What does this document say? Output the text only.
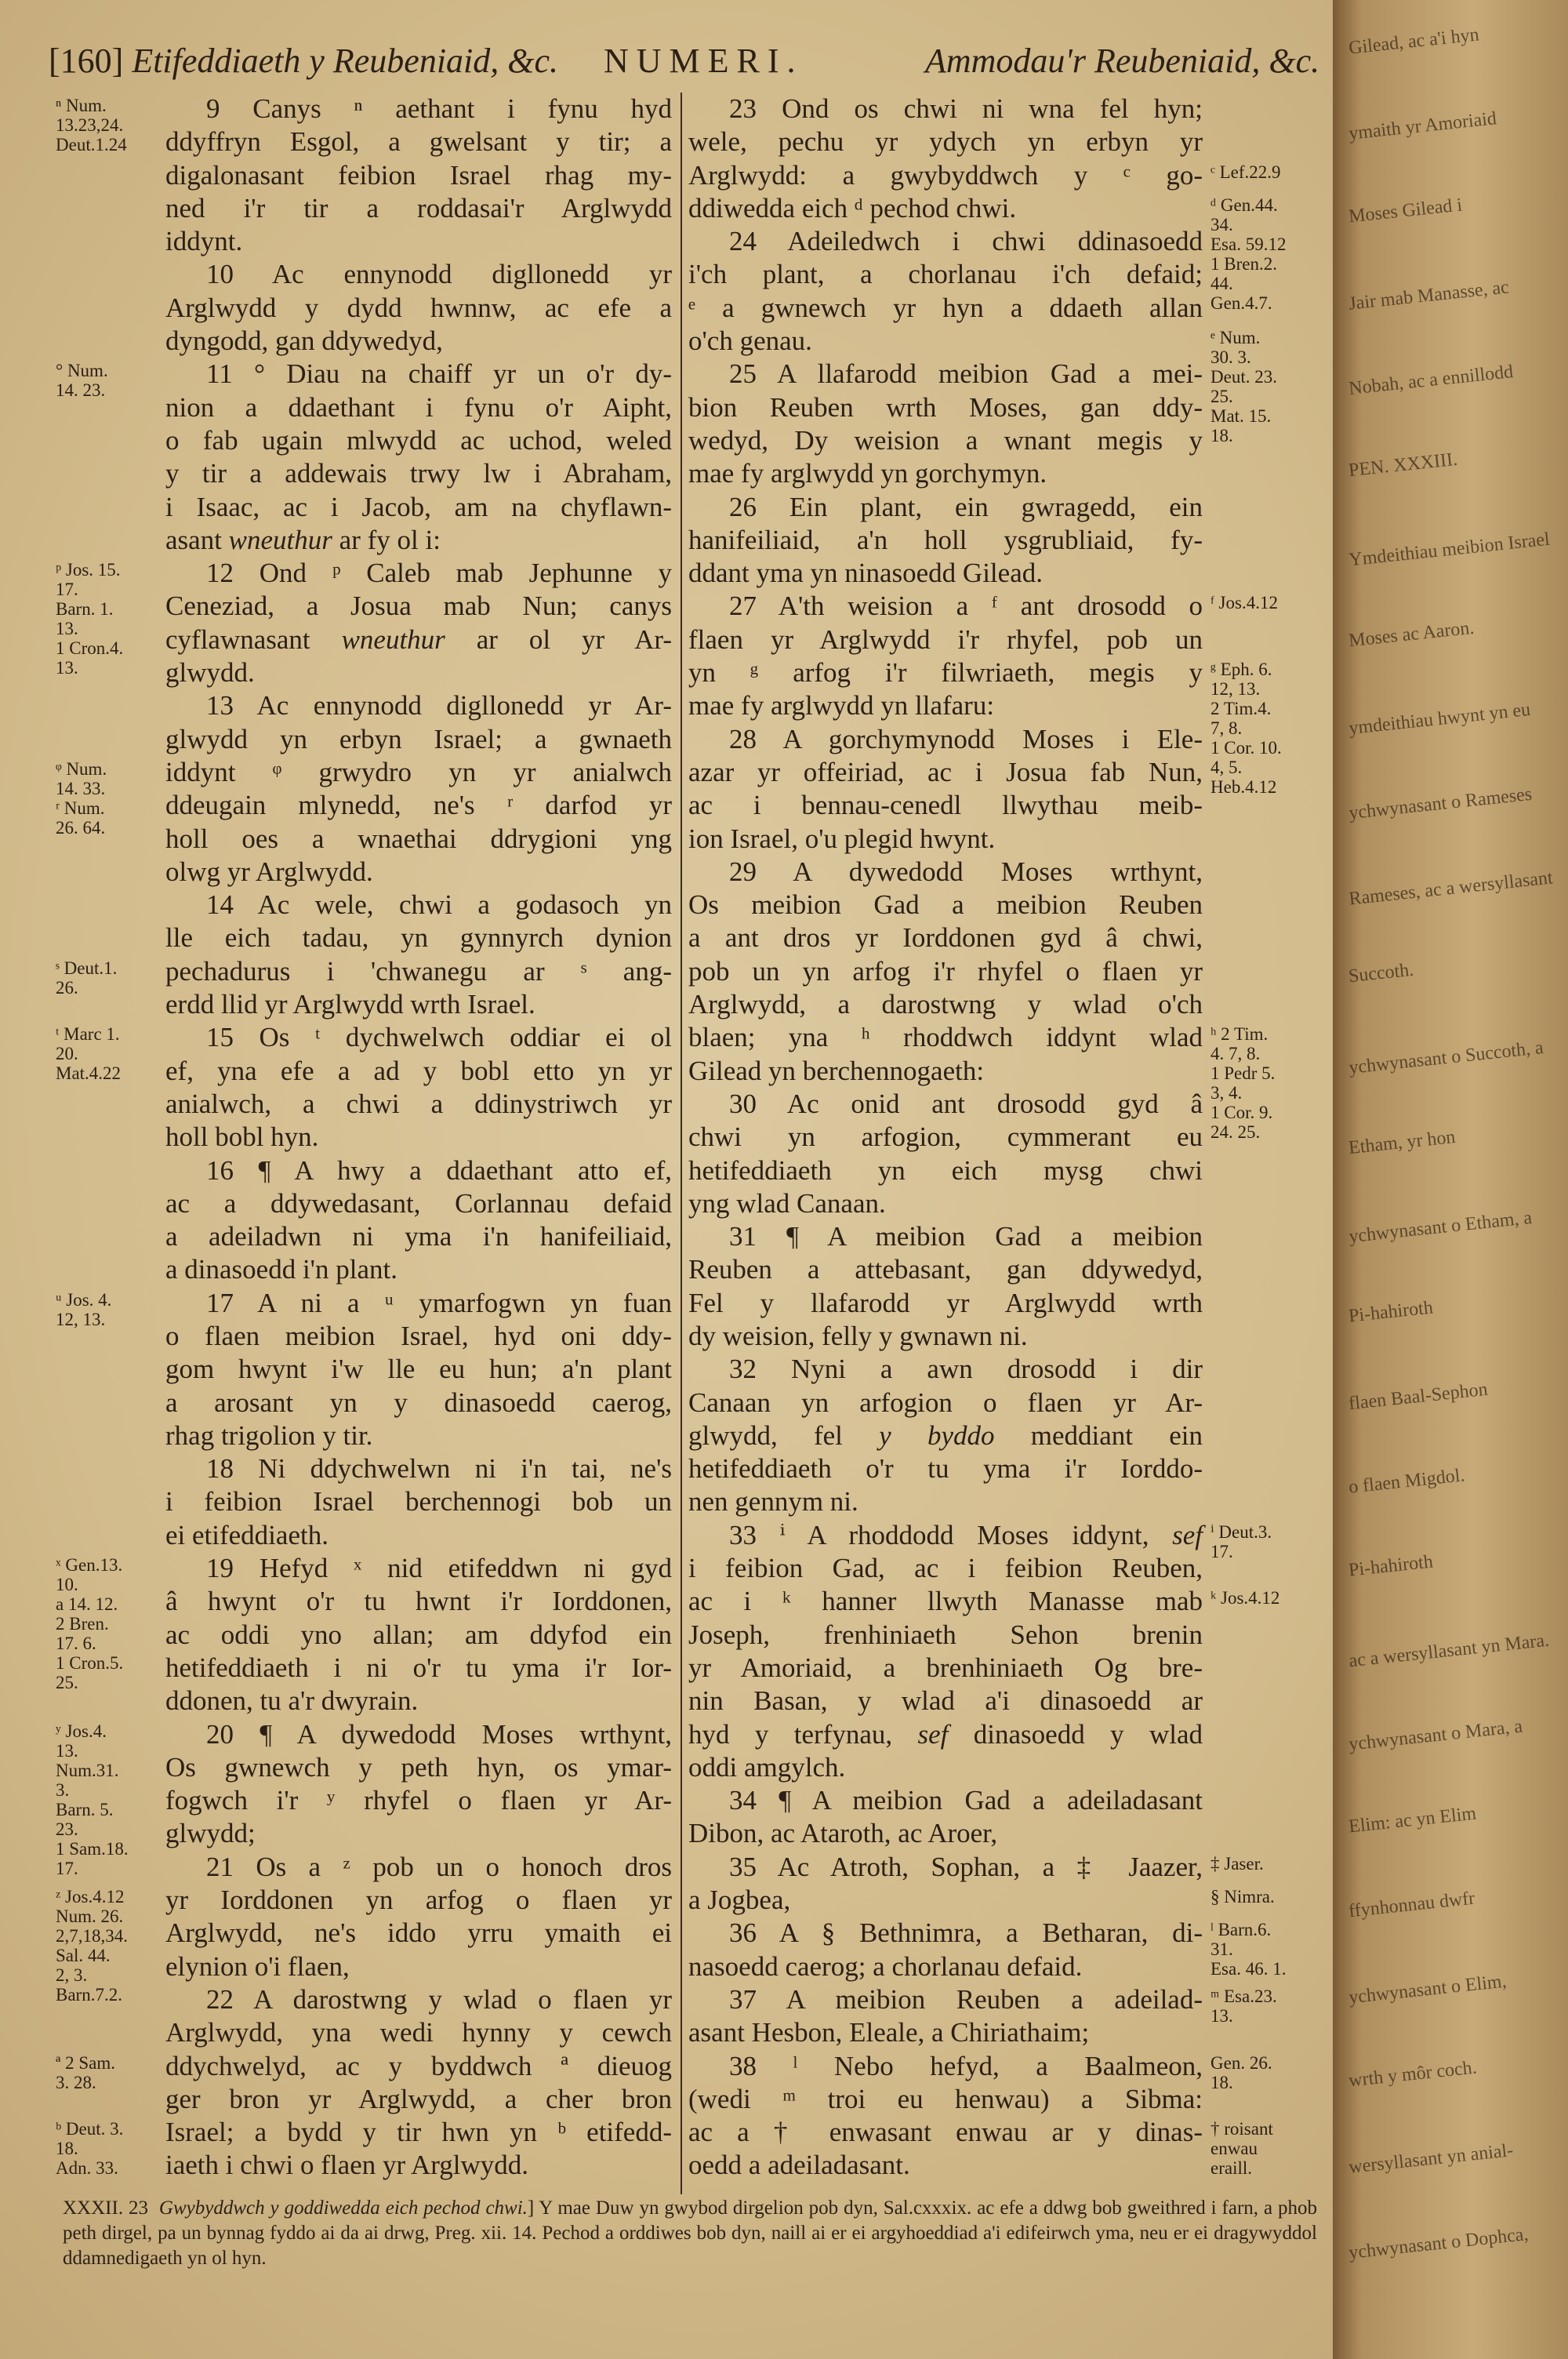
[160] Etifeddiaeth y Reubeniaid, &c. NUMERI.	Ammodau'r Reubeniaid, &c.
9 Canys ⁿ aethant i fynu hyd
ⁿ Num.
13.23,24.
Deut.1.24 ddyffryn Esgol, a gwelsant y tir; a
digalonasant feibion Israel rhag my-
ned i'r tir a roddasai'r Arglwydd
iddynt.
10 Ac ennynodd digllonedd yr
Arglwydd y dydd hwnnw, ac efe a
dyngodd, gan ddywedyd,
11 ° Diau na chaiff yr un o'r dy-
° Num.
14. 23.
nion a ddaethant i fynu o'r Aipht,
o fab ugain mlwydd ac uchod, weled
y tir a addewais trwy lw i Abraham,
i Isaac, ac i Jacob, am na chyflawn-
asant wneuthur ar fy ol i:
12 Ond ᵖ Caleb mab Jephunne y
ᵖ Jos. 15.
17.
Barn. 1.
13.
1 Cron.4.
13.
Ceneziad, a Josua mab Nun; canys
cyflawnasant wneuthur ar ol yr Ar-
glwydd.
13 Ac ennynodd digllonedd yr Ar-
glwydd yn erbyn Israel; a gwnaeth
iddynt ᵠ grwydro yn yr anialwch
ᵠ Num.
14. 33.
ʳ Num.
26. 64.
ddeugain mlynedd, ne's ʳ darfod yr
holl oes a wnaethai ddrygioni yng
olwg yr Arglwydd.
14 Ac wele, chwi a godasoch yn
lle eich tadau, yn gynnyrch dynion
pechadurus i 'chwanegu ar ˢ ang-
ˢ Deut.1.
26.
erdd llid yr Arglwydd wrth Israel.
15 Os ᵗ dychwelwch oddiar ei ol
ᵗ Marc 1.
20.
Mat.4.22 ef, yna efe a ad y bobl etto yn yr
anialwch, a chwi a ddinystriwch yr
holl bobl hyn.
16 ¶ A hwy a ddaethant atto ef,
ac a ddywedasant, Corlannau defaid
a adeiladwn ni yma i'n hanifeiliaid,
a dinasoedd i'n plant.
17 A ni a ᵘ ymarfogwn yn fuan
ᵘ Jos. 4.
12, 13.
o flaen meibion Israel, hyd oni ddy-
gom hwynt i'w lle eu hun; a'n plant
a arosant yn y dinasoedd caerog,
rhag trigolion y tir.
18 Ni ddychwelwn ni i'n tai, ne's
i feibion Israel berchennogi bob un
ei etifeddiaeth.
19 Hefyd ˣ nid etifeddwn ni gyd
ˣ Gen.13.
10.
a 14. 12.
2 Bren.
17. 6.
1 Cron.5.
25.
â hwynt o'r tu hwnt i'r Iorddonen,
ac oddi yno allan; am ddyfod ein
hetifeddiaeth i ni o'r tu yma i'r Ior-
ddonen, tu a'r dwyrain.
20 ¶ A dywedodd Moses wrthynt,
ʸ Jos.4.
13.
Num.31.
3.
Barn. 5.
23.
1 Sam.18.
17.
Os gwnewch y peth hyn, os ymar-
fogwch i'r ʸ rhyfel o flaen yr Ar-
glwydd;
21 Os a ᶻ pob un o honoch dros
yr Iorddonen yn arfog o flaen yr
ᶻ Jos.4.12
Num. 26.
2,7,18,34.
Sal. 44.
2, 3.
Barn.7.2.
Arglwydd, ne's iddo yrru ymaith ei
elynion o'i flaen,
22 A darostwng y wlad o flaen yr
Arglwydd, yna wedi hynny y cewch
ddychwelyd, ac y byddwch ª dieuog
ª 2 Sam.
3. 28.
ger bron yr Arglwydd, a cher bron
Israel; a bydd y tir hwn yn ᵇ etifedd-
ᵇ Deut. 3.
18.
Adn. 33. iaeth i chwi o flaen yr Arglwydd.
23 Ond os chwi ni wna fel hyn;
wele, pechu yr ydych yn erbyn yr
Arglwydd: a gwybyddwch y ᶜ go- ᶜ Lef.22.9
ddiwedda eich ᵈ pechod chwi.	ᵈ Gen.44.
34.
Esa. 59.12
1 Bren.2.
44.
Gen.4.7.
24 Adeiledwch i chwi ddinasoedd
i'ch plant, a chorlanau i'ch defaid;
ᵉ a gwnewch yr hyn a ddaeth allan
o'ch genau.	ᵉ Num.
30. 3.
Deut. 23.
25.
Mat. 15.
18.
25 A llafarodd meibion Gad a mei-
bion Reuben wrth Moses, gan ddy-
wedyd, Dy weision a wnant megis y
mae fy arglwydd yn gorchymyn.
26 Ein plant, ein gwragedd, ein
hanifeiliaid, a'n holl ysgrubliaid, fy-
ddant yma yn ninasoedd Gilead.
27 A'th weision a ᶠ ant drosodd o ᶠ Jos.4.12
flaen yr Arglwydd i'r rhyfel, pob un
yn ᵍ arfog i'r filwriaeth, megis y ᵍ Eph. 6.
12, 13.
2 Tim.4.
7, 8.
1 Cor. 10.
4, 5.
Heb.4.12
mae fy arglwydd yn llafaru:
28 A gorchymynodd Moses i Ele-
azar yr offeiriad, ac i Josua fab Nun,
ac i bennau-cenedl llwythau meib-
ion Israel, o'u plegid hwynt.
29 A dywedodd Moses wrthynt,
Os meibion Gad a meibion Reuben
a ant dros yr Iorddonen gyd â chwi,
pob un yn arfog i'r rhyfel o flaen yr
Arglwydd, a darostwng y wlad o'ch
blaen; yna ʰ rhoddwch iddynt wlad ʰ 2 Tim.
4. 7, 8.
1 Pedr 5.
3, 4.
1 Cor. 9.
24. 25.
Gilead yn berchennogaeth:
30 Ac onid ant drosodd gyd â
chwi yn arfogion, cymmerant eu
hetifeddiaeth yn eich mysg chwi
yng wlad Canaan.
31 ¶ A meibion Gad a meibion
Reuben a attebasant, gan ddywedyd,
Fel y llafarodd yr Arglwydd wrth
dy weision, felly y gwnawn ni.
32 Nyni a awn drosodd i dir
Canaan yn arfogion o flaen yr Ar-
glwydd, fel y byddo meddiant ein
hetifeddiaeth o'r tu yma i'r Iorddo-
nen gennym ni.
33 ⁱ A rhoddodd Moses iddynt, sef ⁱ Deut.3.
17.
i feibion Gad, ac i feibion Reuben,
ac i ᵏ hanner llwyth Manasse mab ᵏ Jos.4.12
Joseph, frenhiniaeth Sehon brenin
yr Amoriaid, a brenhiniaeth Og bre-
nin Basan, y wlad a'i dinasoedd ar
hyd y terfynau, sef dinasoedd y wlad
oddi amgylch.
34 ¶ A meibion Gad a adeiladasant
Dibon, ac Ataroth, ac Aroer,
35 Ac Atroth, Sophan, a ‡ Jaazer, ‡ Jaser.
a Jogbea,	§ Nimra.
36 A § Bethnimra, a Betharan, di- ˡ Barn.6.
31.
Esa. 46. 1.
nasoedd caerog; a chorlanau defaid.
37 A meibion Reuben a adeilad- ᵐ Esa.23.
13.
asant Hesbon, Eleale, a Chiriathaim;
38 ˡ Nebo hefyd, a Baalmeon, Gen. 26.
18.
(wedi ᵐ troi eu henwau) a Sibma:
ac a † enwasant enwau ar y dinas- † roisant
enwau
eraill.
oedd a adeiladasant.
XXXII. 23 Gwybyddwch y goddiwedda eich pechod chwi.] Y mae Duw yn gwybod dirgelion pob dyn, Sal.cxxxix. ac efe a ddwg bob gweithred i farn, a phob peth dirgel, pa un bynnag fyddo ai da ai drwg, Preg. xii. 14. Pechod a orddiwes bob dyn, naill ai er ei argyhoeddiad a'i edifeirwch yma, neu er ei dragywyddol ddamnedigaeth yn ol hyn.
Gilead, ac a'i hyn
ymaith yr Amoriaid
Moses Gilead i
Jair mab Manasse, ac
Nobah, ac a ennillodd
PEN. XXXIII.
Ymdeithiau meibion Israel
Moses ac Aaron.
ymdeithiau hwynt yn eu
ychwynasant o Rameses
Rameses, ac a wersyllasant
Succoth.
ychwynasant o Succoth, a
Etham, yr hon
ychwynasant o Etham, a
Pi-hahiroth
flaen Baal-Sephon
o flaen Migdol.
Pi-hahiroth
ac a wersyllasant yn Mara.
ychwynasant o Mara, a
Elim: ac yn Elim
ffynhonnau dwfr
ychwynasant o Elim,
wrth y môr coch.
wersyllasant yn anial-
ychwynasant o Dophca,
